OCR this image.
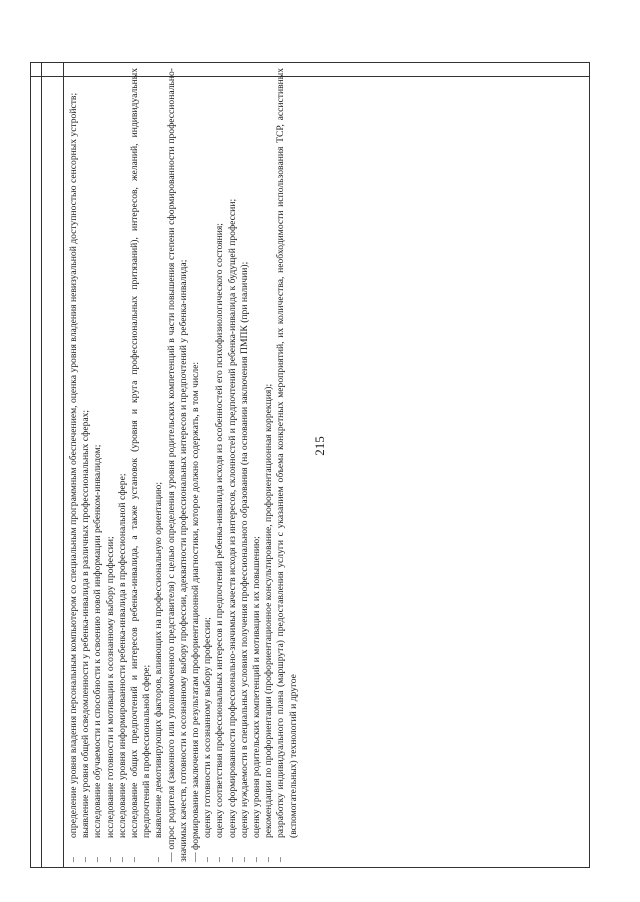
215
–
определение уровня владения персональным компьютером со специальным программным обеспечением, оценка уровня владения невизуальной доступностью сенсорных устройств;
–
выявление уровня общей осведомленности у ребенка-инвалида в различных профессиональных сферах;
–
исследование обучаемости и способности к освоению новой информации ребенком-инвалидом;
–
исследование готовности и мотивации к осознанному выбору профессии;
–
исследование уровня информированности ребенка-инвалида в профессиональной сфере;
–
исследование общих предпочтений и интересов ребенка-инвалида, а также установок (уровня и круга профессиональных притязаний), интересов, желаний, индивидуальных предпочтений в профессиональной сфере;
–
выявление демотивирующих факторов, влияющих на профессиональную ориентацию; — опрос родителя (законного или уполномоченного представителя) с целью определения уровня родительских компетенций в части повышения степени сформированности профессионально-значимых качеств, готовности к осознанному выбору профессии, адекватности профессиональных интересов и предпочтений у ребенка-инвалида; — формирование заключения по результатам профориентационной диагностики, которое должно содержать, в том числе: –
оценку готовности к осознанному выбору профессии;
–
оценку соответствия профессиональных интересов и предпочтений ребенка-инвалида исходя из особенностей его психофизиологического состояния;
–
оценку сформированности профессионально-значимых качеств исходя из интересов, склонностей и предпочтений ребенка-инвалида к будущей профессии;
–
оценку нуждаемости в специальных условиях получения профессионального образования (на основании заключения ПМПК (при наличии);
–
оценку уровня родительских компетенций и мотивации к их повышению;
–
рекомендации по профориентации (профориентационное консультирование, профориентационная коррекция);
–
разработку индивидуального плана (маршрута) предоставления услуги с указанием объема конкретных мероприятий, их количества, необходимости использования ТСР, ассистивных (вспомогательных) технологий и другое
